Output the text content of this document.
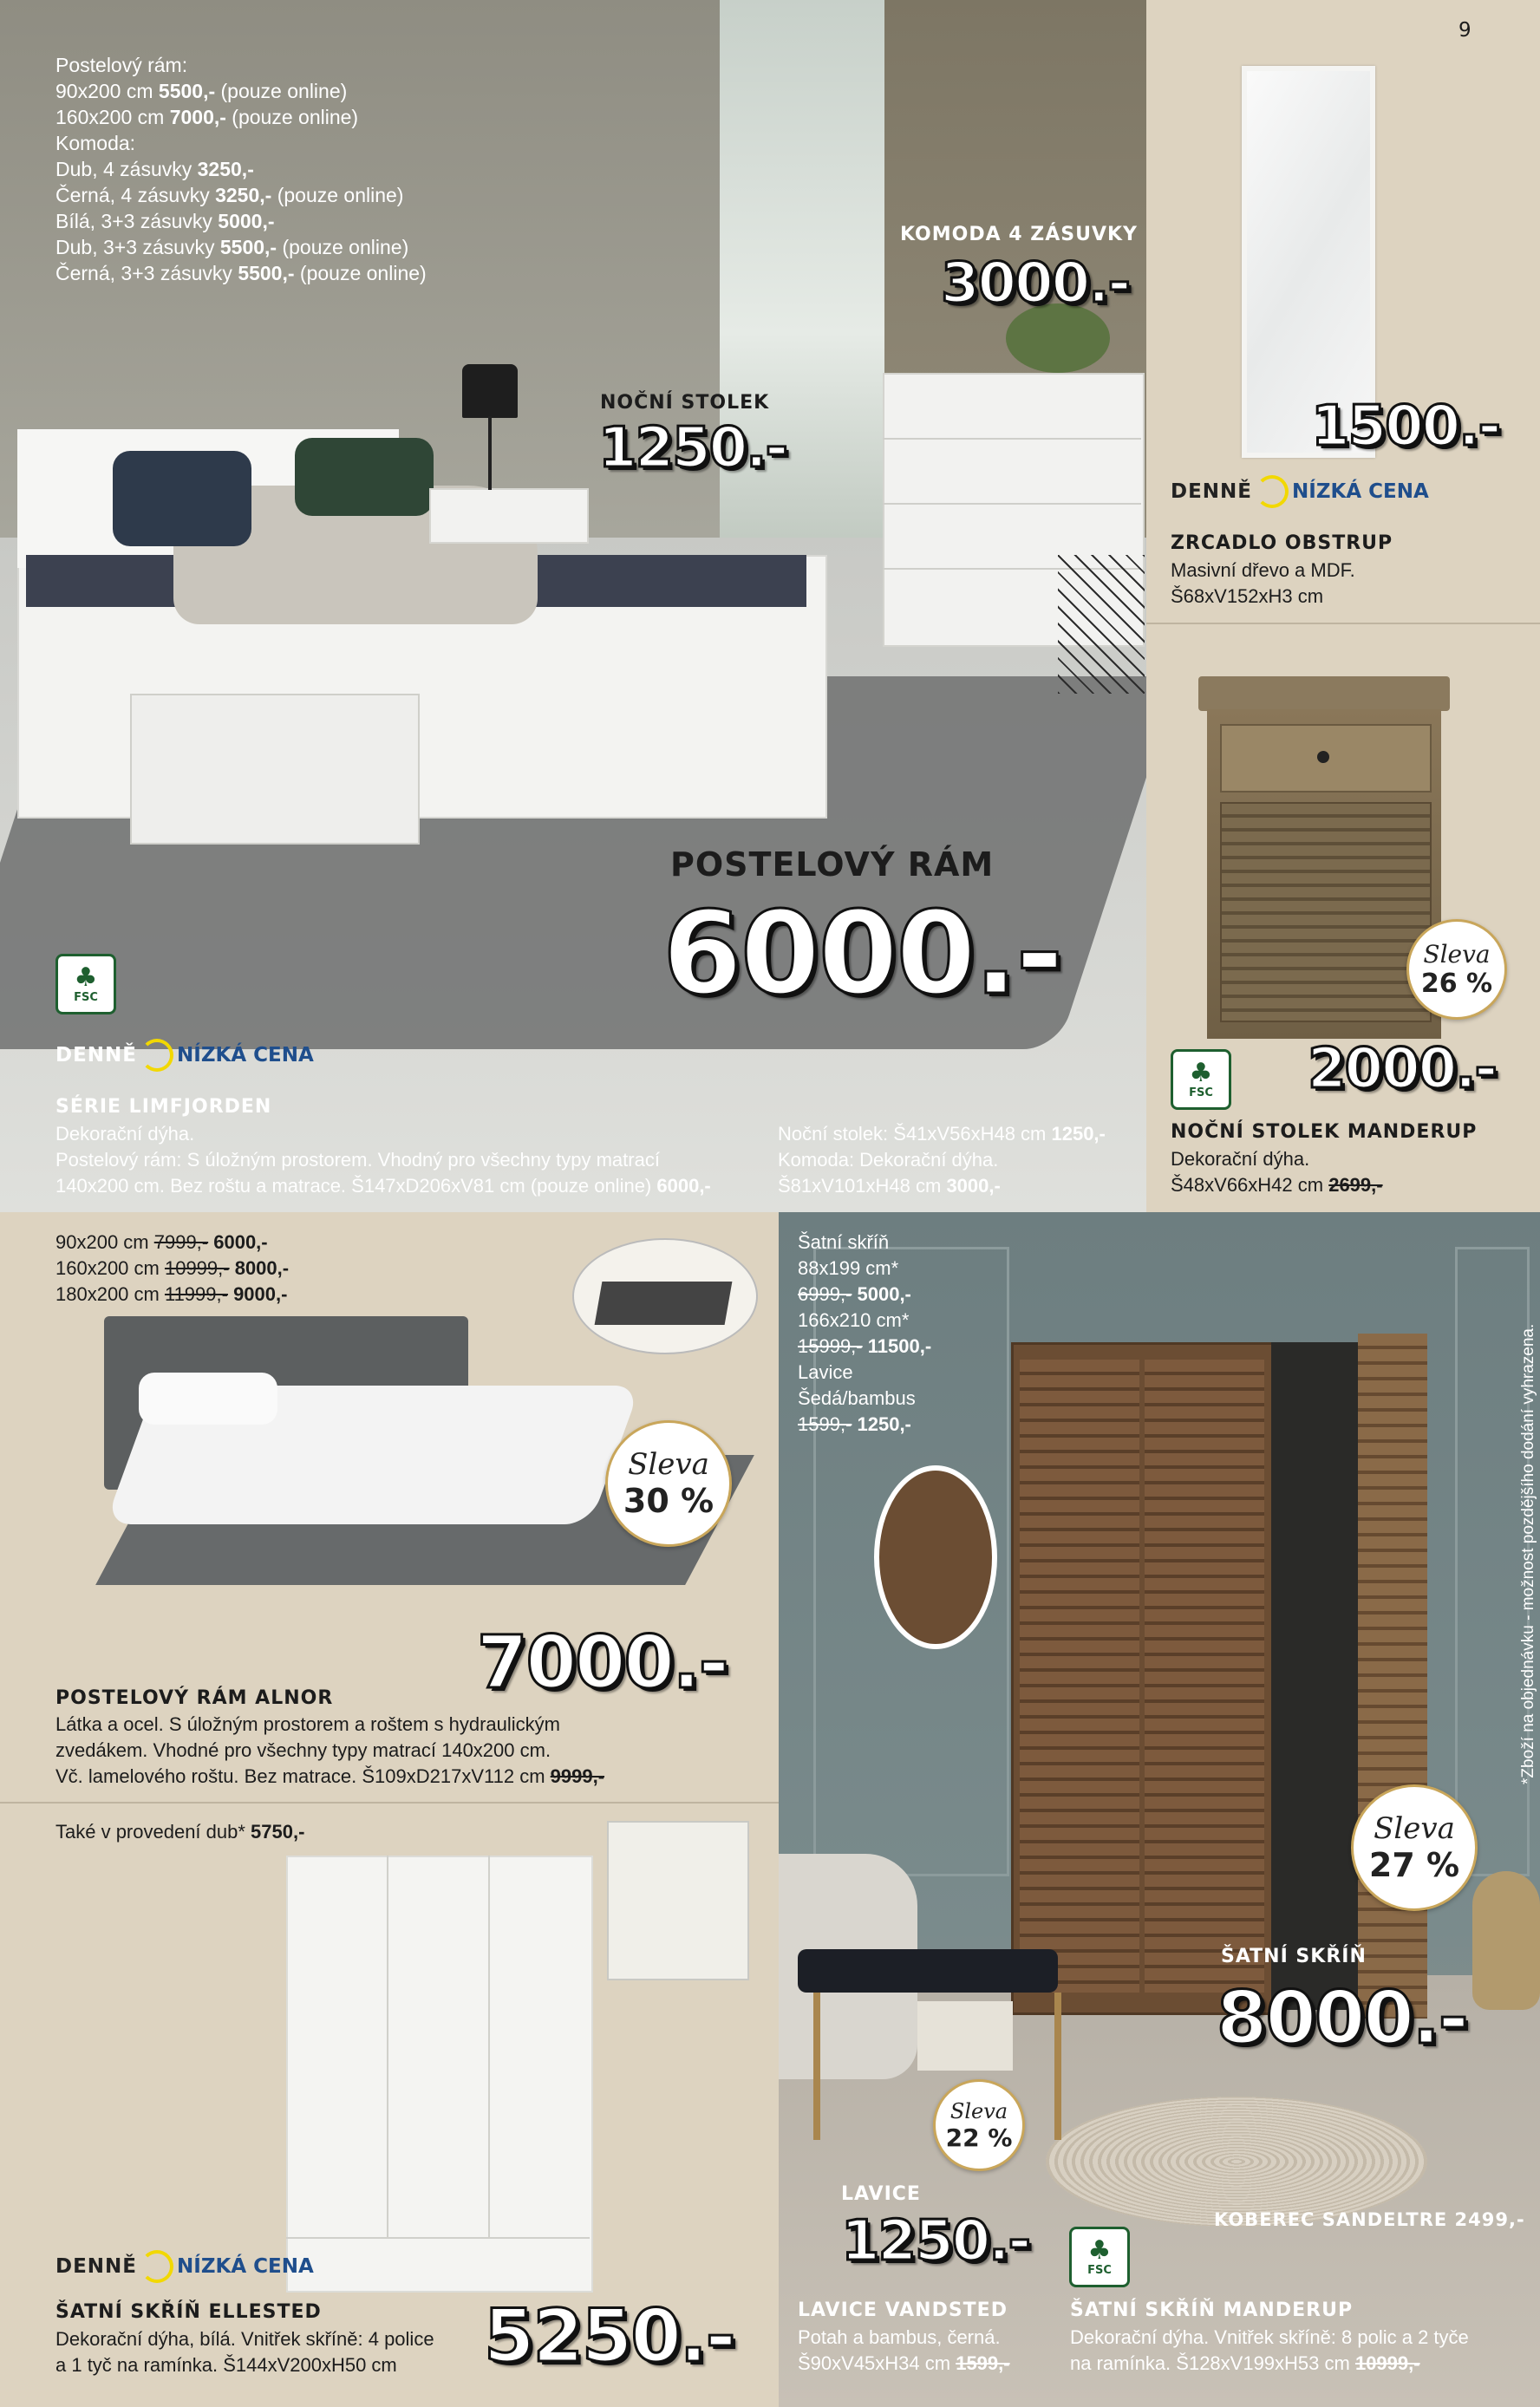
Postelový rám:
90x200 cm 5500,- (pouze online)
160x200 cm 7000,- (pouze online)
Komoda:
Dub, 4 zásuvky 3250,-
Černá, 4 zásuvky 3250,- (pouze online)
Bílá, 3+3 zásuvky 5000,-
Dub, 3+3 zásuvky 5500,- (pouze online)
Černá, 3+3 zásuvky 5500,- (pouze online)
KOMODA 4 ZÁSUVKY
3000.-
NOČNÍ STOLEK
1250.-
POSTELOVÝ RÁM
6000.-
♣
FSC
DENNĚ NÍZKÁ CENA
SÉRIE LIMFJORDEN
Dekorační dýha.
Postelový rám: S úložným prostorem. Vhodný pro všechny typy matrací
140x200 cm. Bez roštu a matrace. Š147xD206xV81 cm (pouze online) 6000,-
Noční stolek: Š41xV56xH48 cm 1250,-
Komoda: Dekorační dýha.
Š81xV101xH48 cm 3000,-
9
1500.-
DENNĚ NÍZKÁ CENA
ZRCADLO OBSTRUP
Masivní dřevo a MDF.
Š68xV152xH3 cm
Sleva
26 %
♣
FSC 2000.-
NOČNÍ STOLEK MANDERUP
Dekorační dýha.
Š48xV66xH42 cm 2699,-
90x200 cm 7999,- 6000,-
160x200 cm 10999,- 8000,-
180x200 cm 11999,- 9000,-
Sleva
30 %
7000.-
POSTELOVÝ RÁM ALNOR
Látka a ocel. S úložným prostorem a roštem s hydraulickým
zvedákem. Vhodné pro všechny typy matrací 140x200 cm.
Vč. lamelového roštu. Bez matrace. Š109xD217xV112 cm 9999,-
Také v provedení dub* 5750,-
DENNĚ NÍZKÁ CENA
ŠATNÍ SKŘÍŇ ELLESTED
Dekorační dýha, bílá. Vnitřek skříně: 4 police
a 1 tyč na ramínka. Š144xV200xH50 cm	5250.-
Šatní skříň
88x199 cm*
6999,- 5000,-
166x210 cm*
15999,- 11500,-
Lavice
Šedá/bambus
1599,- 1250,-
Sleva
27 %
ŠATNÍ SKŘÍŇ
8000.-
Sleva
22 %
LAVICE
1250.-	KOBEREC SANDELTRE 2499,-
♣
FSC
LAVICE VANDSTED
Potah a bambus, černá.
Š90xV45xH34 cm 1599,-
ŠATNÍ SKŘÍŇ MANDERUP
Dekorační dýha. Vnitřek skříně: 8 polic a 2 tyče
na ramínka. Š128xV199xH53 cm 10999,-
*Zboží na objednávku - možnost pozdějšího dodání vyhrazena.
